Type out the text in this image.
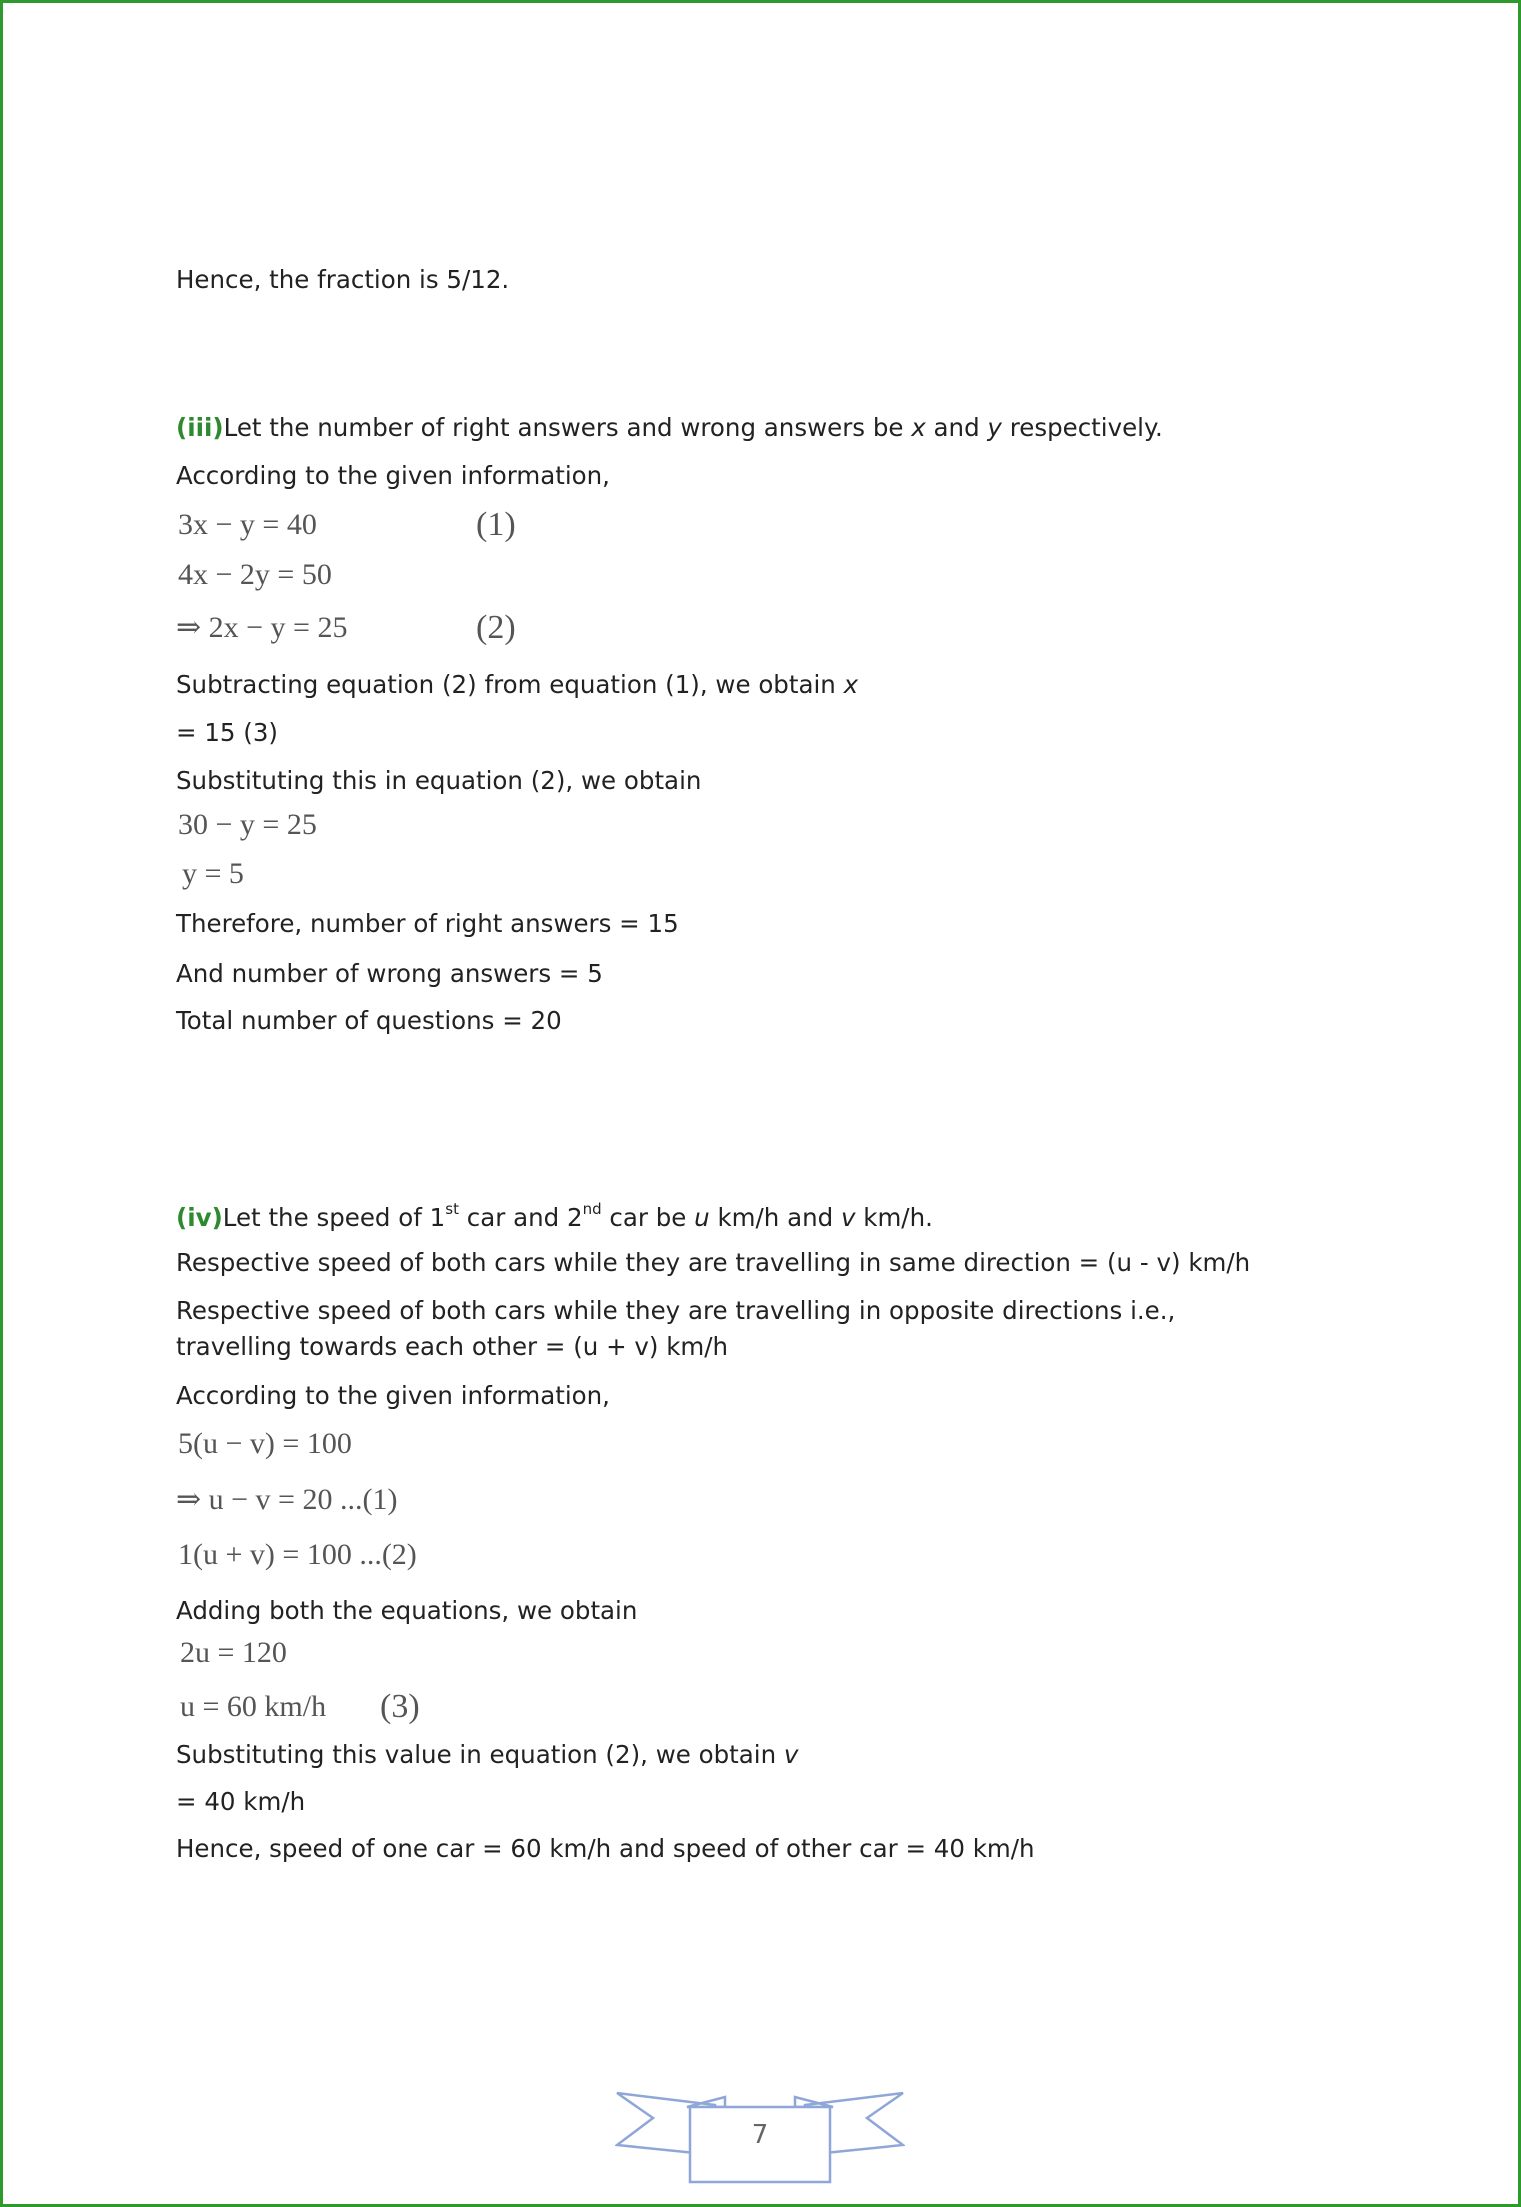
Hence, the fraction is 5/12.
(iii)Let the number of right answers and wrong answers be x and y respectively.
According to the given information,
3x − y = 40	(1)
4x − 2y = 50
⇒ 2x − y = 25	(2)
Subtracting equation (2) from equation (1), we obtain x
= 15 (3)
Substituting this in equation (2), we obtain
30 − y = 25
y = 5
Therefore, number of right answers = 15
And number of wrong answers = 5
Total number of questions = 20
(iv)Let the speed of 1st car and 2nd car be u km/h and v km/h.
Respective speed of both cars while they are travelling in same direction = (u - v) km/h
Respective speed of both cars while they are travelling in opposite directions i.e.,
travelling towards each other = (u + v) km/h
According to the given information,
5(u − v) = 100
⇒ u − v = 20 ...(1)
1(u + v) = 100 ...(2)
Adding both the equations, we obtain
2u = 120
u = 60 km/h (3)
Substituting this value in equation (2), we obtain v
= 40 km/h
Hence, speed of one car = 60 km/h and speed of other car = 40 km/h
7
